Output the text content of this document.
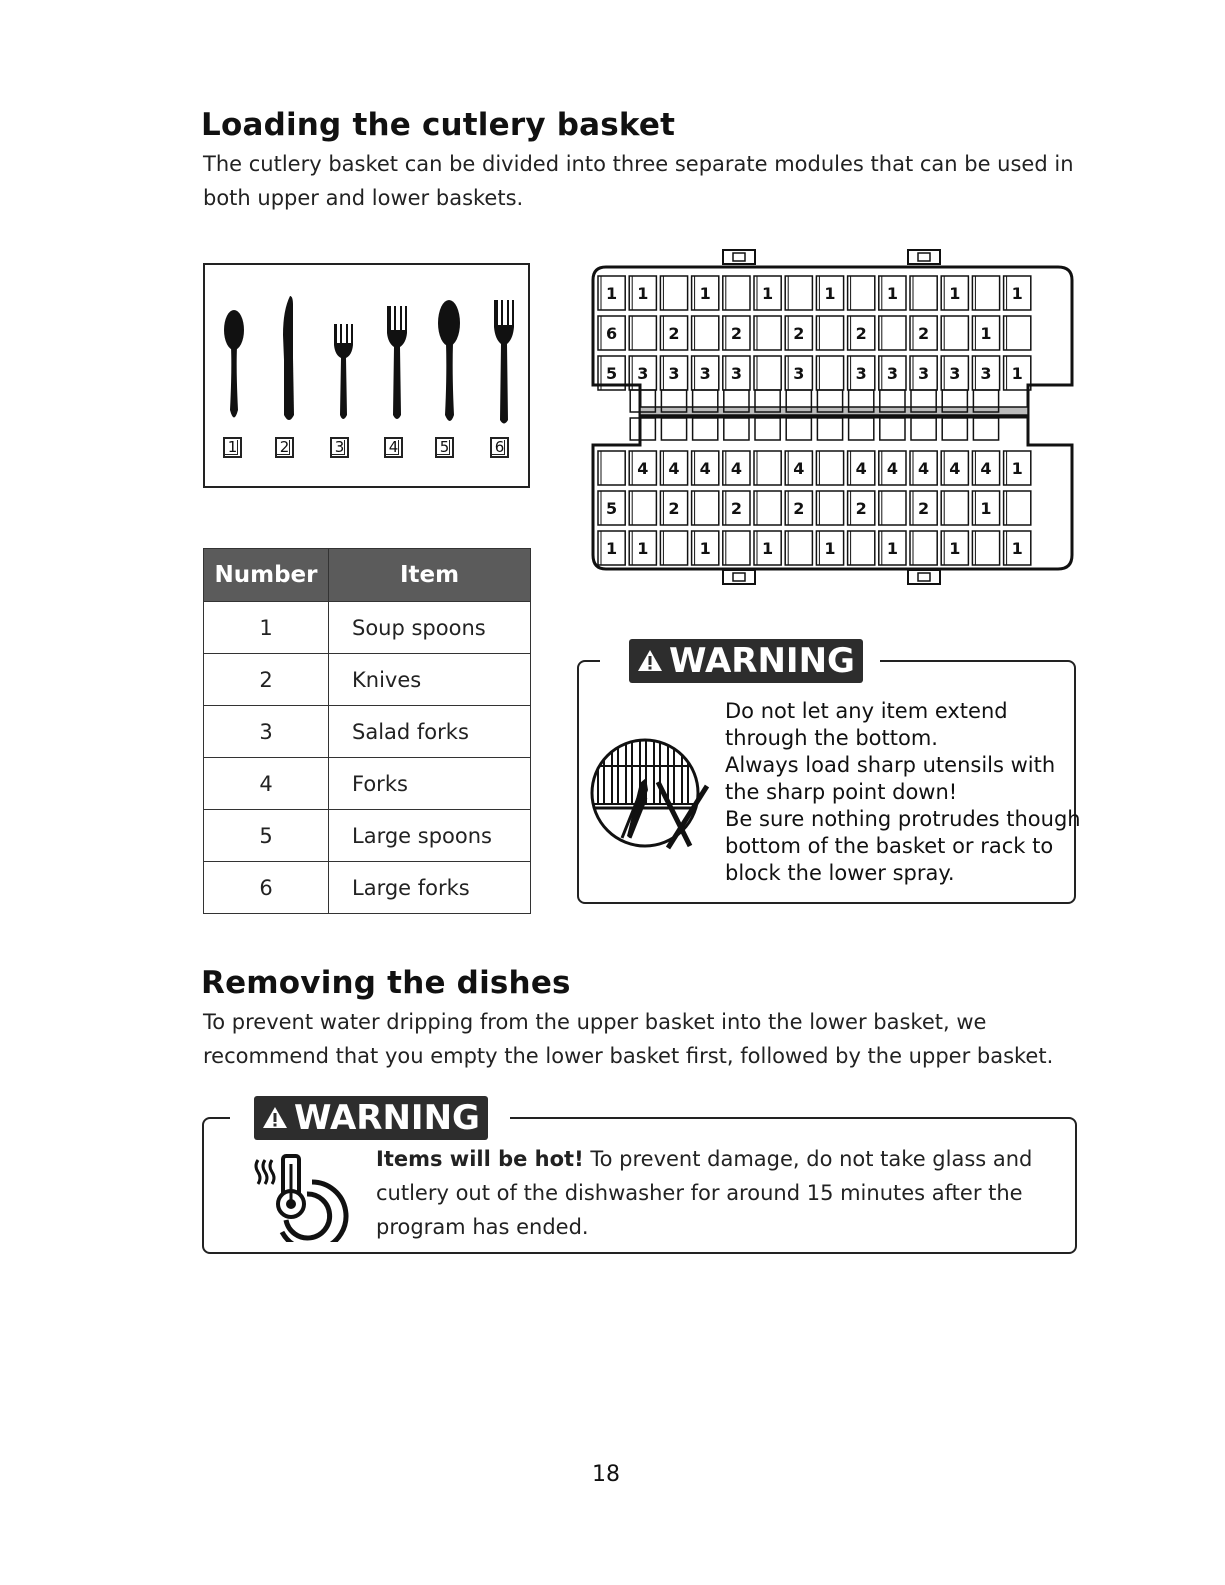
Loading the cutlery basket
The cutlery basket can be divided into three separate modules that can be used in
both upper and lower baskets.
1	2	3	4	5	6
Number	Item
1	Soup spoons
2	Knives
3	Salad forks
4	Forks
5	Large spoons
6	Large forks
1 1	1	1	1	1	1	1
6	2	2	2	2	2	1
5 3 3 3 3	3	3 3 3 3 3 1
4 4 4 4	4	4 4 4 4 4 1
5	2	2	2	2	2	1
1 1	1	1	1	1	1	1
WARNING
Do not let any item extend
through the bottom.
Always load sharp utensils with
the sharp point down!
Be sure nothing protrudes though
bottom of the basket or rack to
block the lower spray.
Removing the dishes
To prevent water dripping from the upper basket into the lower basket, we
recommend that you empty the lower basket first, followed by the upper basket.
WARNING
Items will be hot! To prevent damage, do not take glass and
cutlery out of the dishwasher for around 15 minutes after the
program has ended.
18
